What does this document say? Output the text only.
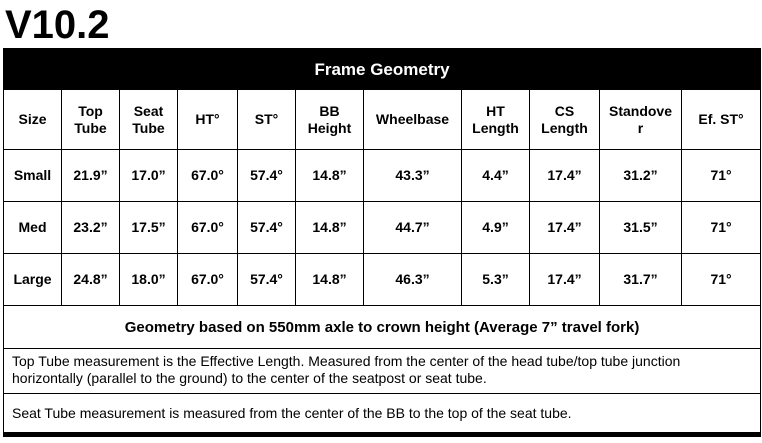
V10.2
Frame Geometry										
Size	Top Tube	Seat Tube	HT°	ST°	BB Height	Wheelbase	HT Length	CS Length	Standover	Ef. ST°
Small	21.9”	17.0”	67.0°	57.4°	14.8”	43.3”	4.4”	17.4”	31.2”	71°
Med	23.2”	17.5”	67.0°	57.4°	14.8”	44.7”	4.9”	17.4”	31.5”	71°
Large	24.8”	18.0”	67.0°	57.4°	14.8”	46.3”	5.3”	17.4”	31.7”	71°
Geometry based on 550mm axle to crown height (Average 7” travel fork)										
Top Tube measurement is the Effective Length. Measured from the center of the head tube/top tube junction horizontally (parallel to the ground) to the center of the seatpost or seat tube.										
Seat Tube measurement is measured from the center of the BB to the top of the seat tube.										
